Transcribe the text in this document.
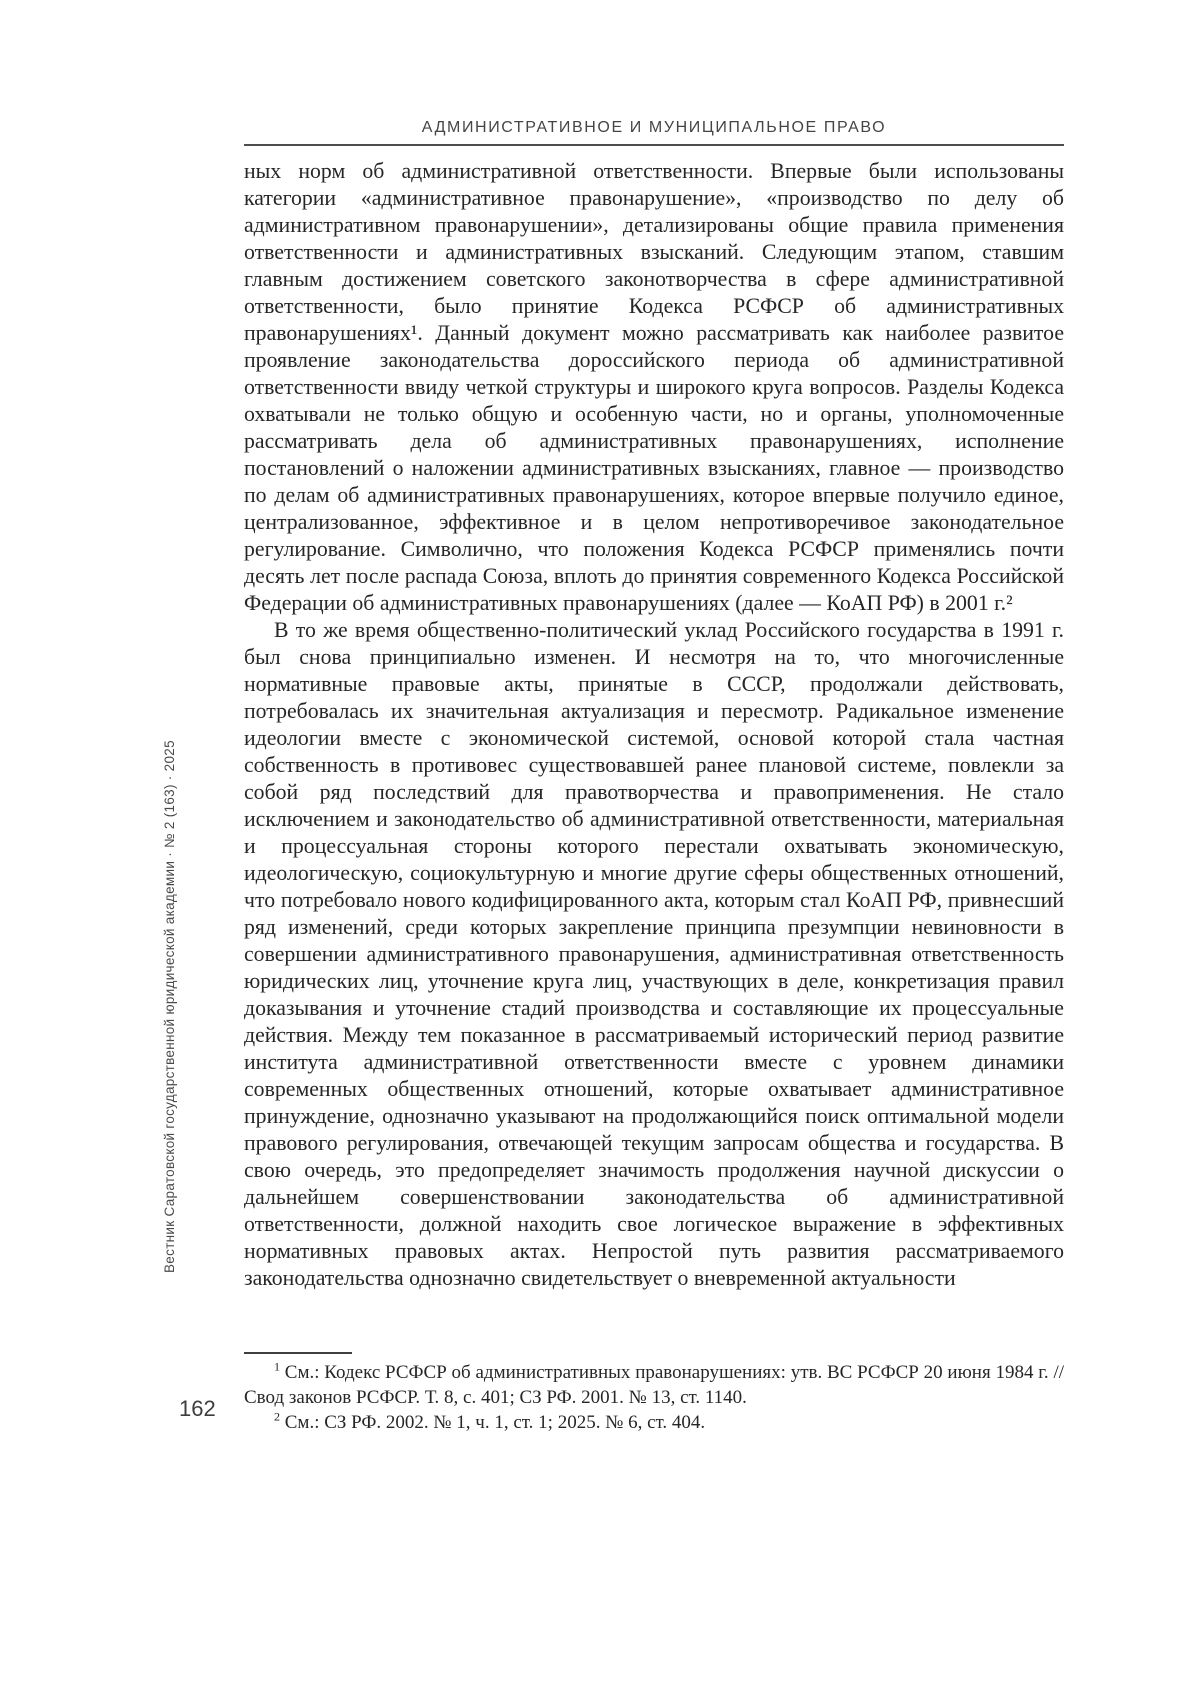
АДМИНИСТРАТИВНОЕ И МУНИЦИПАЛЬНОЕ ПРАВО

ных норм об административной ответственности. Впервые были использованы категории «административное правонарушение», «производство по делу об административном правонарушении», детализированы общие правила применения ответственности и административных взысканий. Следующим этапом, ставшим главным достижением советского законотворчества в сфере административной ответственности, было принятие Кодекса РСФСР об административных правонарушениях¹. Данный документ можно рассматривать как наиболее развитое проявление законодательства дороссийского периода об административной ответственности ввиду четкой структуры и широкого круга вопросов. Разделы Кодекса охватывали не только общую и особенную части, но и органы, уполномоченные рассматривать дела об административных правонарушениях, исполнение постановлений о наложении административных взысканиях, главное — производство по делам об административных правонарушениях, которое впервые получило единое, централизованное, эффективное и в целом непротиворечивое законодательное регулирование. Символично, что положения Кодекса РСФСР применялись почти десять лет после распада Союза, вплоть до принятия современного Кодекса Российской Федерации об административных правонарушениях (далее — КоАП РФ) в 2001 г.²

В то же время общественно-политический уклад Российского государства в 1991 г. был снова принципиально изменен. И несмотря на то, что многочисленные нормативные правовые акты, принятые в СССР, продолжали действовать, потребовалась их значительная актуализация и пересмотр. Радикальное изменение идеологии вместе с экономической системой, основой которой стала частная собственность в противовес существовавшей ранее плановой системе, повлекли за собой ряд последствий для правотворчества и правоприменения. Не стало исключением и законодательство об административной ответственности, материальная и процессуальная стороны которого перестали охватывать экономическую, идеологическую, социокультурную и многие другие сферы общественных отношений, что потребовало нового кодифицированного акта, которым стал КоАП РФ, привнесший ряд изменений, среди которых закрепление принципа презумпции невиновности в совершении административного правонарушения, административная ответственность юридических лиц, уточнение круга лиц, участвующих в деле, конкретизация правил доказывания и уточнение стадий производства и составляющие их процессуальные действия. Между тем показанное в рассматриваемый исторический период развитие института административной ответственности вместе с уровнем динамики современных общественных отношений, которые охватывает административное принуждение, однозначно указывают на продолжающийся поиск оптимальной модели правового регулирования, отвечающей текущим запросам общества и государства. В свою очередь, это предопределяет значимость продолжения научной дискуссии о дальнейшем совершенствовании законодательства об административной ответственности, должной находить свое логическое выражение в эффективных нормативных правовых актах. Непростой путь развития рассматриваемого законодательства однозначно свидетельствует о вневременной актуальности

$^1$ См.: Кодекс РСФСР об административных правонарушениях: утв. ВС РСФСР 20 июня 1984 г. // Свод законов РСФСР. Т. 8, с. 401; СЗ РФ. 2001. № 13, ст. 1140.

$^2$ См.: СЗ РФ. 2002. № 1, ч. 1, ст. 1; 2025. № 6, ст. 404.

Вестник Саратовской государственной юридической академии · № 2 (163) · 2025
162
